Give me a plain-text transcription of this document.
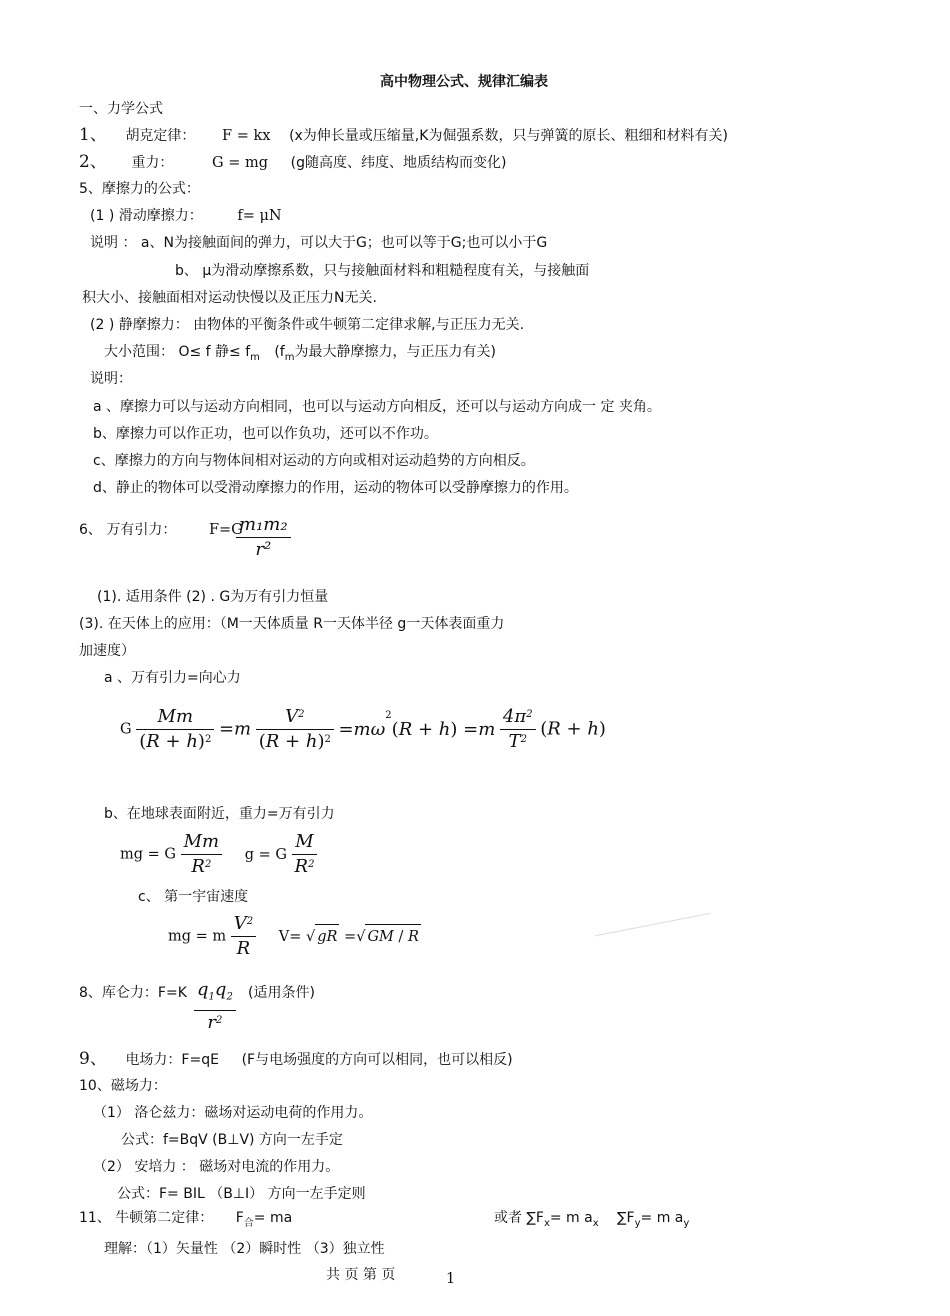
高中物理公式、规律汇编表
一、力学公式
1、 胡克定律： F = kx (x为伸长量或压缩量,K为倔强系数，只与弹簧的原长、粗细和材料有关)
2、 重力：	G = mg (g随高度、纬度、地质结构而变化)
5、摩擦力的公式：
(1 ) 滑动摩擦力： f= μN
说明 ： a、N为接触面间的弹力，可以大于G；也可以等于G;也可以小于G
b、 μ为滑动摩擦系数，只与接触面材料和粗糙程度有关，与接触面
积大小、接触面相对运动快慢以及正压力N无关.
(2 ) 静摩擦力： 由物体的平衡条件或牛顿第二定律求解,与正压力无关.
大小范围： O≤ f 静≤ $f_m$ ($f_m$为最大静摩擦力，与正压力有关)
说明：
a 、摩擦力可以与运动方向相同，也可以与运动方向相反，还可以与运动方向成一 定 夹角。
b、摩擦力可以作正功，也可以作负功，还可以不作功。
c、摩擦力的方向与物体间相对运动的方向或相对运动趋势的方向相反。
d、静止的物体可以受滑动摩擦力的作用，运动的物体可以受静摩擦力的作用。
6、 万有引力： F=G
$\frac{\text{m₁m₂}}{\text{r²}}$
(1). 适用条件 (2) . G为万有引力恒量
(3). 在天体上的应用：（M一天体质量 R一天体半径 g一天体表面重力
加速度）
a 、万有引力=向心力
G $\frac{Mm}{(R + h)^2} =m \frac{V^2}{(R + h)^2} =m\omega^2(R + h) =m \frac{4\pi^2}{T^2} (R + h)$
b、在地球表面附近，重力=万有引力
mg = G $\frac{Mm}{R^2}$ g = G $\frac{M}{R^2}$
c、 第一宇宙速度
mg = m $\frac{V^2}{R} V=$ √ gR =√ GM / R
8、库仑力：$F=K \frac{q_1q_2}{r^2}$ (适用条件)
9、 电场力：F=qE (F与电场强度的方向可以相同，也可以相反)
10、磁场力：
（1） 洛仑兹力：磁场对运动电荷的作用力。
公式：f=BqV (B⊥V) 方向一左手定
（2） 安培力 ： 磁场对电流的作用力。
公式：F= BIL （B⊥I） 方向一左手定则
11、 牛顿第二定律： $F_合=$ ma	或者 $\sum F_x= m$ $a_x$ $\sum F_y= m$ $a_y$
理解：（1）矢量性 （2）瞬时性 （3）独立性
共 页 第 页	1
